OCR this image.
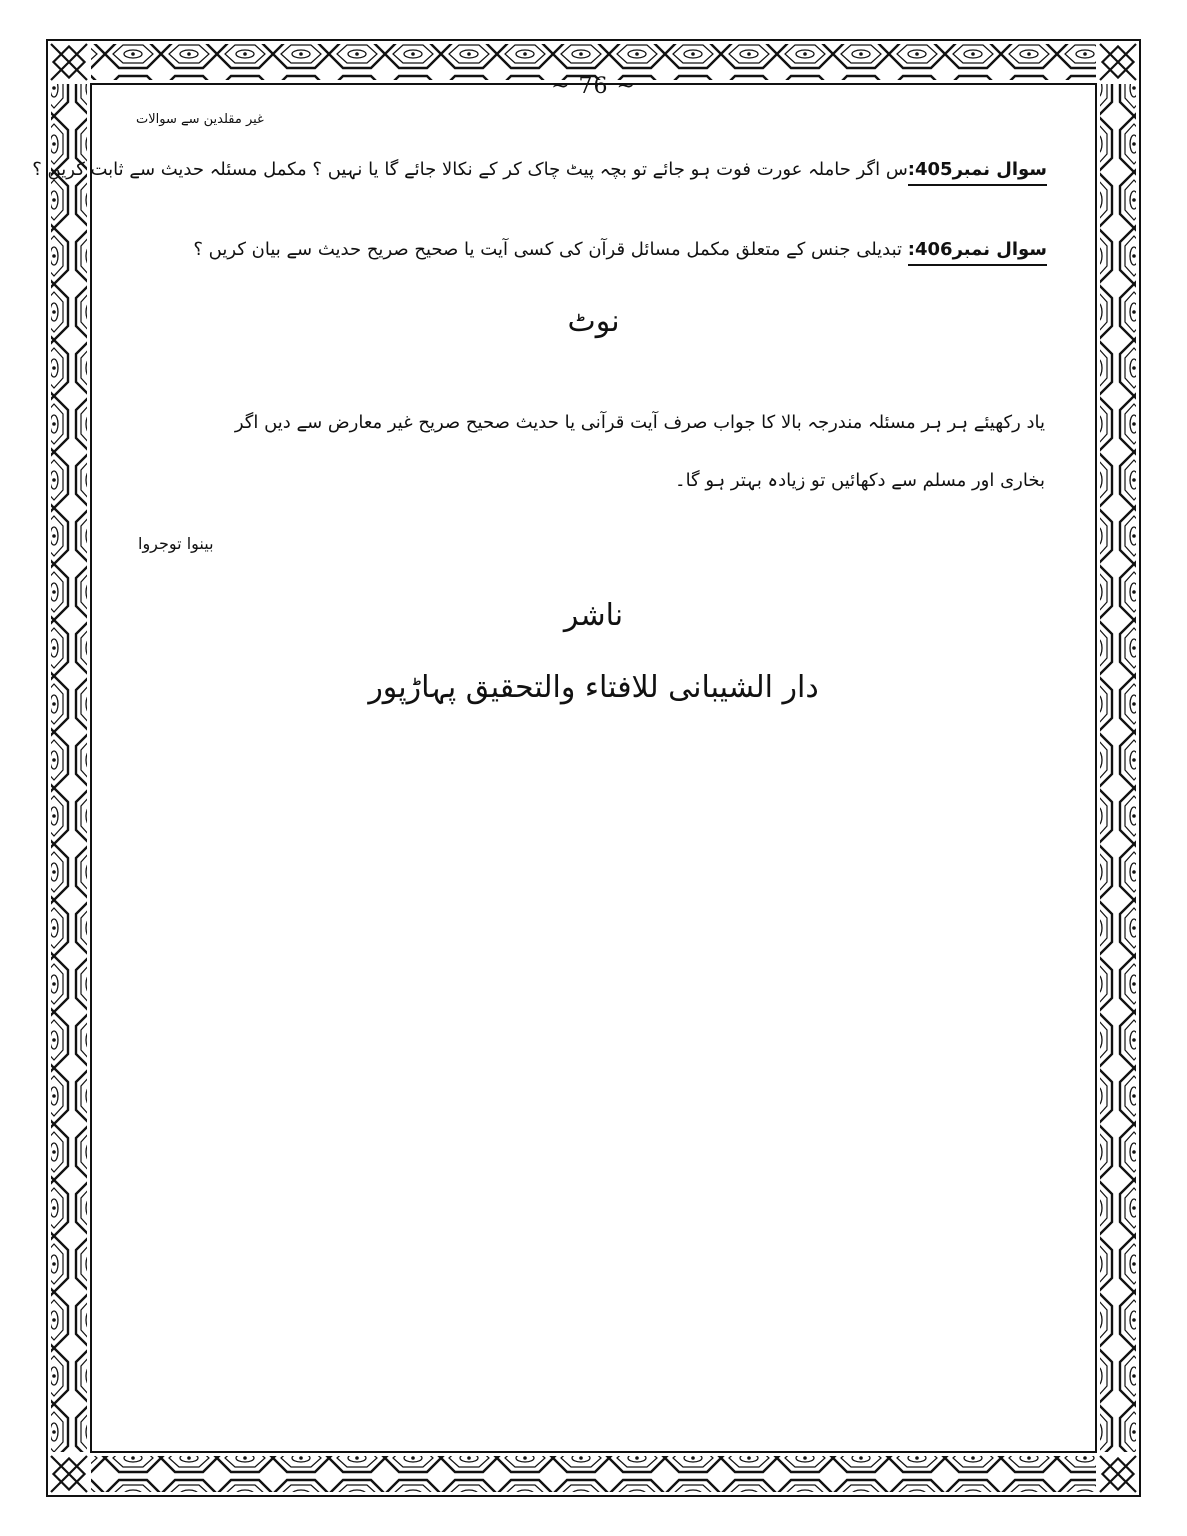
~ 76 ~
غیر مقلدین سے سوالات
سوال نمبر405:س اگر حاملہ عورت فوت ہو جائے تو بچہ پیٹ چاک کر کے نکالا جائے گا یا نہیں ؟ مکمل مسئلہ حدیث سے ثابت کریں ؟
سوال نمبر406: تبدیلی جنس کے متعلق مکمل مسائل قرآن کی کسی آیت یا صحیح صریح حدیث سے بیان کریں ؟
نوٹ
یاد رکھیئے ہر ہر مسئلہ مندرجہ بالا کا جواب صرف آیت قرآنی یا حدیث صحیح صریح غیر معارض سے دیں اگر بخاری اور مسلم سے دکھائیں تو زیادہ بہتر ہو گا۔
بینوا توجروا
ناشر
دار الشیبانی للافتاء والتحقیق پہاڑپور
